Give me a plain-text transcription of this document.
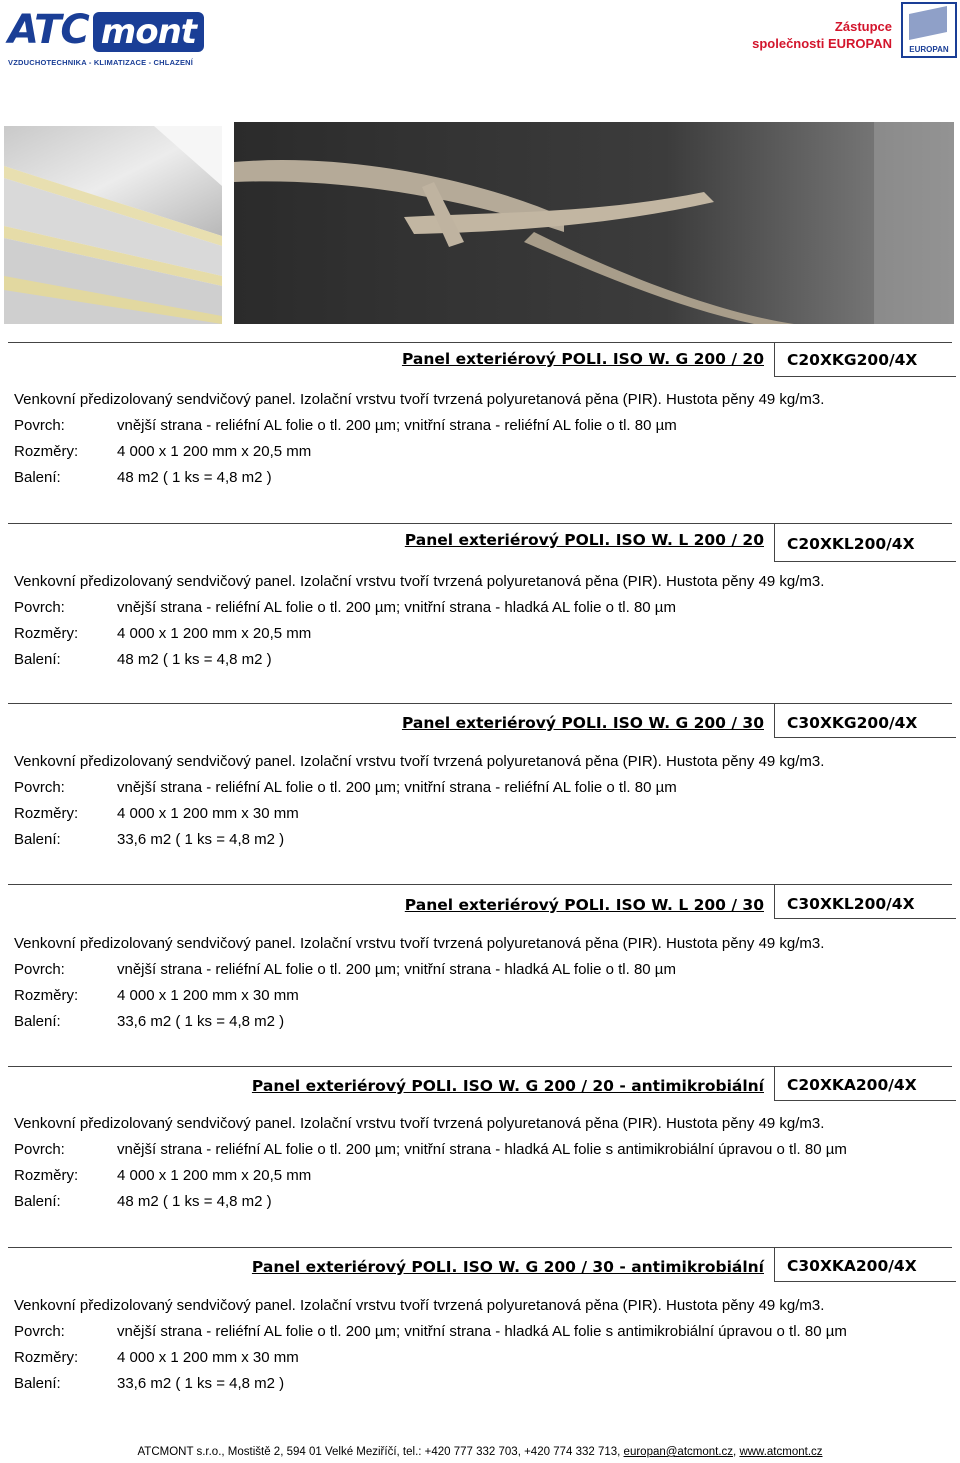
ATC mont
VZDUCHOTECHNIKA - KLIMATIZACE - CHLAZENÍ
Zástupce
společnosti EUROPAN	EUROPAN
Panel exteriérový POLI. ISO W. G 200 / 20 C20XKG200/4X
Venkovní předizolovaný sendvičový panel. Izolační vrstvu tvoří tvrzená polyuretanová pěna (PIR). Hustota pěny 49 kg/m3.
Povrch:	vnější strana - reliéfní AL folie o tl. 200 µm; vnitřní strana - reliéfní AL folie o tl. 80 µm
Rozměry:	4 000 x 1 200 mm x 20,5 mm
Balení:	48 m2 ( 1 ks = 4,8 m2 )
Panel exteriérový POLI. ISO W. L 200 / 20 C20XKL200/4X
Venkovní předizolovaný sendvičový panel. Izolační vrstvu tvoří tvrzená polyuretanová pěna (PIR). Hustota pěny 49 kg/m3.
Povrch:	vnější strana - reliéfní AL folie o tl. 200 µm; vnitřní strana - hladká AL folie o tl. 80 µm
Rozměry:	4 000 x 1 200 mm x 20,5 mm
Balení:	48 m2 ( 1 ks = 4,8 m2 )
Panel exteriérový POLI. ISO W. G 200 / 30 C30XKG200/4X
Venkovní předizolovaný sendvičový panel. Izolační vrstvu tvoří tvrzená polyuretanová pěna (PIR). Hustota pěny 49 kg/m3.
Povrch:	vnější strana - reliéfní AL folie o tl. 200 µm; vnitřní strana - reliéfní AL folie o tl. 80 µm
Rozměry:	4 000 x 1 200 mm x 30 mm
Balení:	33,6 m2 ( 1 ks = 4,8 m2 )
Panel exteriérový POLI. ISO W. L 200 / 30 C30XKL200/4X
Venkovní předizolovaný sendvičový panel. Izolační vrstvu tvoří tvrzená polyuretanová pěna (PIR). Hustota pěny 49 kg/m3.
Povrch:	vnější strana - reliéfní AL folie o tl. 200 µm; vnitřní strana - hladká AL folie o tl. 80 µm
Rozměry:	4 000 x 1 200 mm x 30 mm
Balení:	33,6 m2 ( 1 ks = 4,8 m2 )
Panel exteriérový POLI. ISO W. G 200 / 20 - antimikrobiální C20XKA200/4X
Venkovní předizolovaný sendvičový panel. Izolační vrstvu tvoří tvrzená polyuretanová pěna (PIR). Hustota pěny 49 kg/m3.
Povrch:	vnější strana - reliéfní AL folie o tl. 200 µm; vnitřní strana - hladká AL folie s antimikrobiální úpravou o tl. 80 µm
Rozměry:	4 000 x 1 200 mm x 20,5 mm
Balení:	48 m2 ( 1 ks = 4,8 m2 )
Panel exteriérový POLI. ISO W. G 200 / 30 - antimikrobiální C30XKA200/4X
Venkovní předizolovaný sendvičový panel. Izolační vrstvu tvoří tvrzená polyuretanová pěna (PIR). Hustota pěny 49 kg/m3.
Povrch:	vnější strana - reliéfní AL folie o tl. 200 µm; vnitřní strana - hladká AL folie s antimikrobiální úpravou o tl. 80 µm
Rozměry:	4 000 x 1 200 mm x 30 mm
Balení:	33,6 m2 ( 1 ks = 4,8 m2 )
ATCMONT s.r.o., Mostiště 2, 594 01 Velké Meziříčí, tel.: +420 777 332 703, +420 774 332 713, europan@atcmont.cz, www.atcmont.cz
